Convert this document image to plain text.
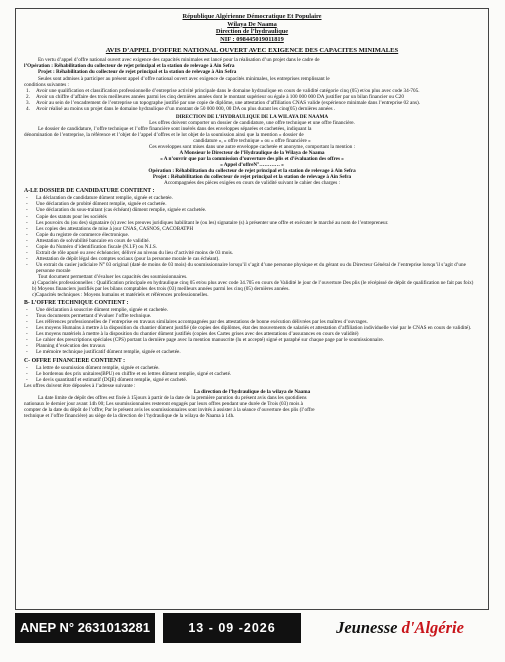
République Algérienne Démocratique Et Populaire
Wilaya De Naama
Direction de l’hydraulique
NIF : 098445019011819
AVIS D’APPEL D’OFFRE NATIONAL OUVERT AVEC EXIGENCE DES CAPACITES MINIMALES

En vertu d’appel d’offre national ouvert avec exigence des capacités minimales est lancé pour la réalisation d’un projet dans le cadre de

l’Opération : Réhabilitation du collecteur de rejet principal et la station de relevage à Ain Sefra

Projet : Réhabilitation du collecteur de rejet principal et la station de relevage à Ain Sefra

Seules sont admises à participer au présent appel d’offre national ouvert avec exigence de capacités minimales, les entreprises remplissant le

conditions suivantes :

1. Avoir une qualification et classification professionnelle d’entreprise activité principale dans le domaine hydraulique en cours de validité catégorie cinq (05) et/ou plus avec code 34-705.
2. Avoir un chiffre d’affaire des trois meilleures années parmi les cinq dernières années dont le montant supérieur ou égale à 100 000 000 DA justifier par un bilan financier ou C20
3. Avoir au sein de l’encadrement de l’entreprise un topographe justifié par une copie de diplôme, une attestation d’affiliation CNAS valide (expérience minimale dans l’entreprise 02 ans).
4. Avoir réalisé au moins un projet dans le domaine hydraulique d’un montant de 50 000 000, 00 DA ou plus durant les cinq(05) dernières années .

DIRECTION DE L’HYDRAULIQUE DE LA WILAYA DE NAAMA

Les offres doivent comporter un dossier de candidature, une offre technique et une offre financière.

Le dossier de candidature, l’offre technique et l’offre financière sont insérés dans des enveloppes séparées et cachetées, indiquant la

dénomination de l’entreprise, la référence et l’objet de l’appel d’offres et le lot objet de la soumission ainsi que la mention « dossier de

candidature », « offre technique » ou « offre financière »

Ces enveloppes sont mises dans une autre enveloppe cachetée et anonyme, comportant la mention :

A Monsieur le Directeur de l’Hydraulique de la Wilaya de Naama

« A n’ouvrir que par la commission d’ouverture des plis et d’évaluation des offres »

« Appel d’offreN°………… »

Opération : Réhabilitation du collecteur de rejet principal et la station de relevage à Ain Sefra

Projet : Réhabilitation du collecteur de rejet principal et la station de relevage à Ain Sefra

Accompagnées des pièces exigées en cours de validité suivant le cahier des charges :

A-LE DOSSIER DE CANDIDATURE CONTIENT :
- La déclaration de candidature dûment remplie, signée et cachetée.
- Une déclaration de probité dûment remplie, signée et cachetée.
- Une déclaration du sous-traitant (cas échéant) dûment remplie, signée et cachetée.
- Copie des statuts pour les sociétés
- Les pouvoirs du (ou des) signataire (s) avec les preuves juridiques habilitant le (ou les) signataire (s) à présenter une offre et exécuter le marché au nom de l’entrepreneur.
- Les copies des attestations de mise à jour CNAS, CASNOS, CACOBATPH
- Copie du registre de commerce électronique.
- Attestation de solvabilité bancaire en cours de validité.
- Copie du Numéro d’identification fiscale (N.I.F) ou N.I.S.
- Extrait de rôle apuré ou avec échéancier, délivré au niveau du lieu d’activité moins de 03 mois.
- Attestation de dépôt légal des comptes sociaux (pour la personne morale le cas échéant).
- Un extrait du casier judiciaire N° 03 original (daté de moins de 03 mois) du soumissionnaire lorsqu’il s’agit d’une personne physique et du gérant ou du Directeur Général de l’entreprise lorsqu’il s’agit d’une personne morale

Tout document permettant d’évaluer les capacités des soumissionnaires.

a) Capacités professionnelles : Qualification principale en hydraulique cinq 05 et/ou plus avec code 34.705 en cours de Validité le jour de l’ouverture Des plis (le récépissé de dépôt de qualification ne fait pas foix)

b) Moyens financiers justifiés par les bilans comptables des trois (03) meilleurs années parmi les cinq (05) dernières années.

c)Capacités techniques : Moyens humains et matériels et références professionnelles.

B- L’OFFRE TECHNIQUE CONTIENT :
- Une déclaration à souscrire dûment remplie, signée et cachetée.
- Tous documents permettant d’évaluer l’offre technique.
- Les références professionnelles de l’entreprise en travaux similaires accompagnées par des attestations de bonne exécution délivrées par les maîtres d’ouvrages.
- Les moyens Humains à mettre à la disposition du chantier dûment justifié (de copies des diplômes, état des mouvements de salariés et attestation d’affiliation individuelle visé par le CNAS en cours de validité).
- Les moyens matériels à mettre à la disposition du chantier dûment justifiés (copies des Cartes grises avec des attestations d’assurances en cours de validité)
- Le cahier des prescriptions spéciales (CPS) portant la dernière page avec la mention manuscrite (lu et accepté) signé et paraphé sur chaque page par le soumissionnaire.
- Planning d’exécution des travaux
- Le mémoire technique justificatif dûment remplie, signée et cachetée.
C- OFFRE FINANCIERE CONTIENT :
- La lettre de soumission dûment remplie, signée et cachetée.
- Le bordereau des prix unitaires(BPU) en chiffre et en lettres dûment remplie, signé et cacheté.
- Le devis quantitatif et estimatif (DQE) dûment remplie, signé et cacheté.

Les offres doivent être déposées à l’adresse suivante :

La direction de l’hydraulique de la wilaya de Naama

La date limite de dépôt des offres est fixée à 15jours à partir de la date de la première parution du présent avis dans les quotidiens

nationaux le dernier jour avant 14h 00; Les soumissionnaires resteront engagés par leurs offres pendant une durée de Trois (03) mois à

compter de la date du dépôt de l’offre; Par le présent avis les soumissionnaires sont invités à assister à la séance d’ouverture des plis (l’offre

technique et l’offre financière) au siège de la direction de l’hydraulique de la wilaya de Naama à 14h.

ANEP N° 2631013281	13 - 09 -2026	Jeunesse d'Algérie
